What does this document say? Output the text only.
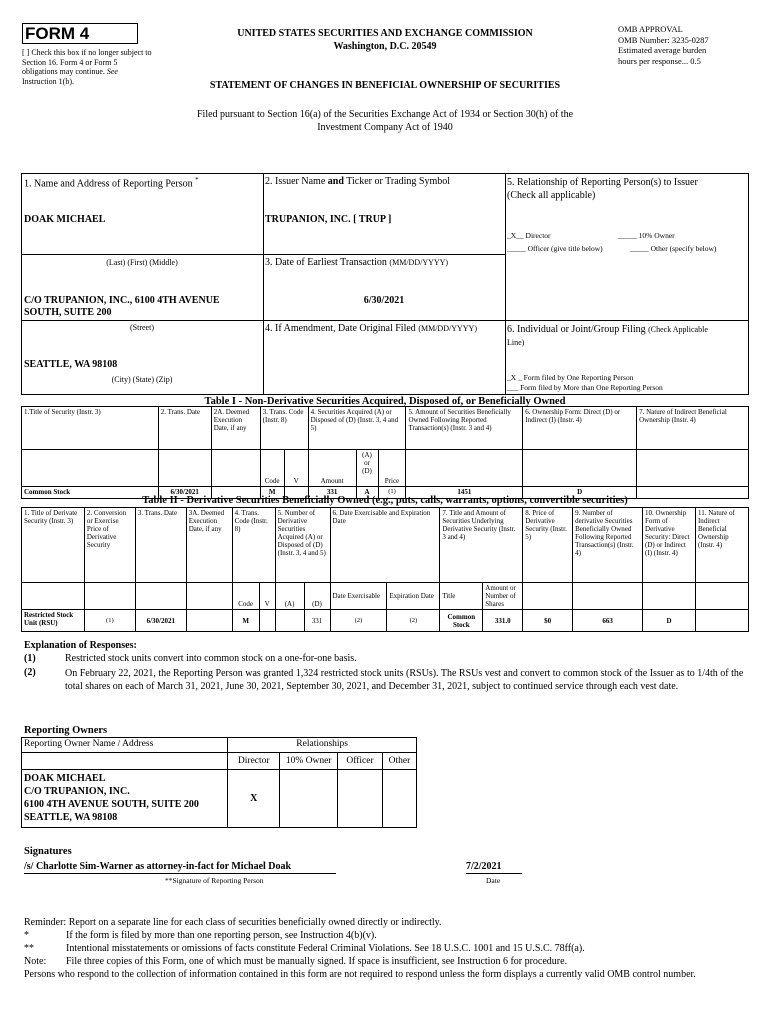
FORM 4
[ ] Check this box if no longer subject to Section 16. Form 4 or Form 5 obligations may continue. See Instruction 1(b).
UNITED STATES SECURITIES AND EXCHANGE COMMISSION
Washington, D.C. 20549
STATEMENT OF CHANGES IN BENEFICIAL OWNERSHIP OF SECURITIES
OMB APPROVAL
OMB Number: 3235-0287
Estimated average burden
hours per response... 0.5
Filed pursuant to Section 16(a) of the Securities Exchange Act of 1934 or Section 30(h) of the
Investment Company Act of 1940
1. Name and Address of Reporting Person *
DOAK MICHAEL
(Last) (First) (Middle)
C/O TRUPANION, INC., 6100 4TH AVENUE
SOUTH, SUITE 200
(Street)
SEATTLE, WA 98108
(City) (State) (Zip)
2. Issuer Name and Ticker or Trading Symbol
TRUPANION, INC. [ TRUP ]
3. Date of Earliest Transaction (MM/DD/YYYY)
6/30/2021
4. If Amendment, Date Original Filed (MM/DD/YYYY)
5. Relationship of Reporting Person(s) to Issuer
(Check all applicable)
_X__ Director	_____ 10% Owner
_____ Officer (give title below)	_____ Other (specify below)
6. Individual or Joint/Group Filing (Check Applicable
Line)
_X _ Form filed by One Reporting Person
___ Form filed by More than One Reporting Person
Table I - Non-Derivative Securities Acquired, Disposed of, or Beneficially Owned
1.Title of Security (Instr. 3)	2. Trans. Date	2A. Deemed Execution Date, if any	3. Trans. Code (Instr. 8)		4. Securities Acquired (A) or Disposed of (D) (Instr. 3, 4 and 5)			5. Amount of Securities Beneficially Owned Following Reported Transaction(s) (Instr. 3 and 4)	6. Ownership Form: Direct (D) or Indirect (I) (Instr. 4)	7. Nature of Indirect Beneficial Ownership (Instr. 4)
			Code	V	Amount	(A) or (D)	Price			
Common Stock	6/30/2021		M		331	A	(1)	1451	D	
Table II - Derivative Securities Beneficially Owned (e.g., puts, calls, warrants, options, convertible securities)
1. Title of Derivate Security (Instr. 3)	2. Conversion or Exercise Price of Derivative Security	3. Trans. Date	3A. Deemed Execution Date, if any	4. Trans. Code (Instr. 8)		5. Number of Derivative Securities Acquired (A) or Disposed of (D) (Instr. 3, 4 and 5)		6. Date Exercisable and Expiration Date		7. Title and Amount of Securities Underlying Derivative Security (Instr. 3 and 4)		8. Price of Derivative Security (Instr. 5)	9. Number of derivative Securities Beneficially Owned Following Reported Transaction(s) (Instr. 4)	10. Ownership Form of Derivative Security: Direct (D) or Indirect (I) (Instr. 4)	11. Nature of Indirect Beneficial Ownership (Instr. 4)
				Code	V	(A)	(D)	Date Exercisable	Expiration Date	Title	Amount or Number of Shares				
Restricted Stock Unit (RSU)	(1)	6/30/2021		M			331	(2)	(2)	Common Stock	331.0	$0	663	D	
Explanation of Responses:
(1)	Restricted stock units convert into common stock on a one-for-one basis.
(2)	On February 22, 2021, the Reporting Person was granted 1,324 restricted stock units (RSUs). The RSUs vest and convert to common stock of the Issuer as to 1/4th of the total shares on each of March 31, 2021, June 30, 2021, September 30, 2021, and December 31, 2021, subject to continued service through each vest date.
Reporting Owners
Reporting Owner Name / Address	Relationships			
	Director	10% Owner	Officer	Other

DOAK MICHAEL
C/O TRUPANION, INC.
6100 4TH AVENUE SOUTH, SUITE 200
SEATTLE, WA 98108	X			
Signatures
/s/ Charlotte Sim-Warner as attorney-in-fact for Michael Doak
**Signature of Reporting Person
7/2/2021
Date
Reminder: Report on a separate line for each class of securities beneficially owned directly or indirectly.
*	If the form is filed by more than one reporting person, see Instruction 4(b)(v).
**	Intentional misstatements or omissions of facts constitute Federal Criminal Violations. See 18 U.S.C. 1001 and 15 U.S.C. 78ff(a).
Note:	File three copies of this Form, one of which must be manually signed. If space is insufficient, see Instruction 6 for procedure.
Persons who respond to the collection of information contained in this form are not required to respond unless the form displays a currently valid OMB control number.
